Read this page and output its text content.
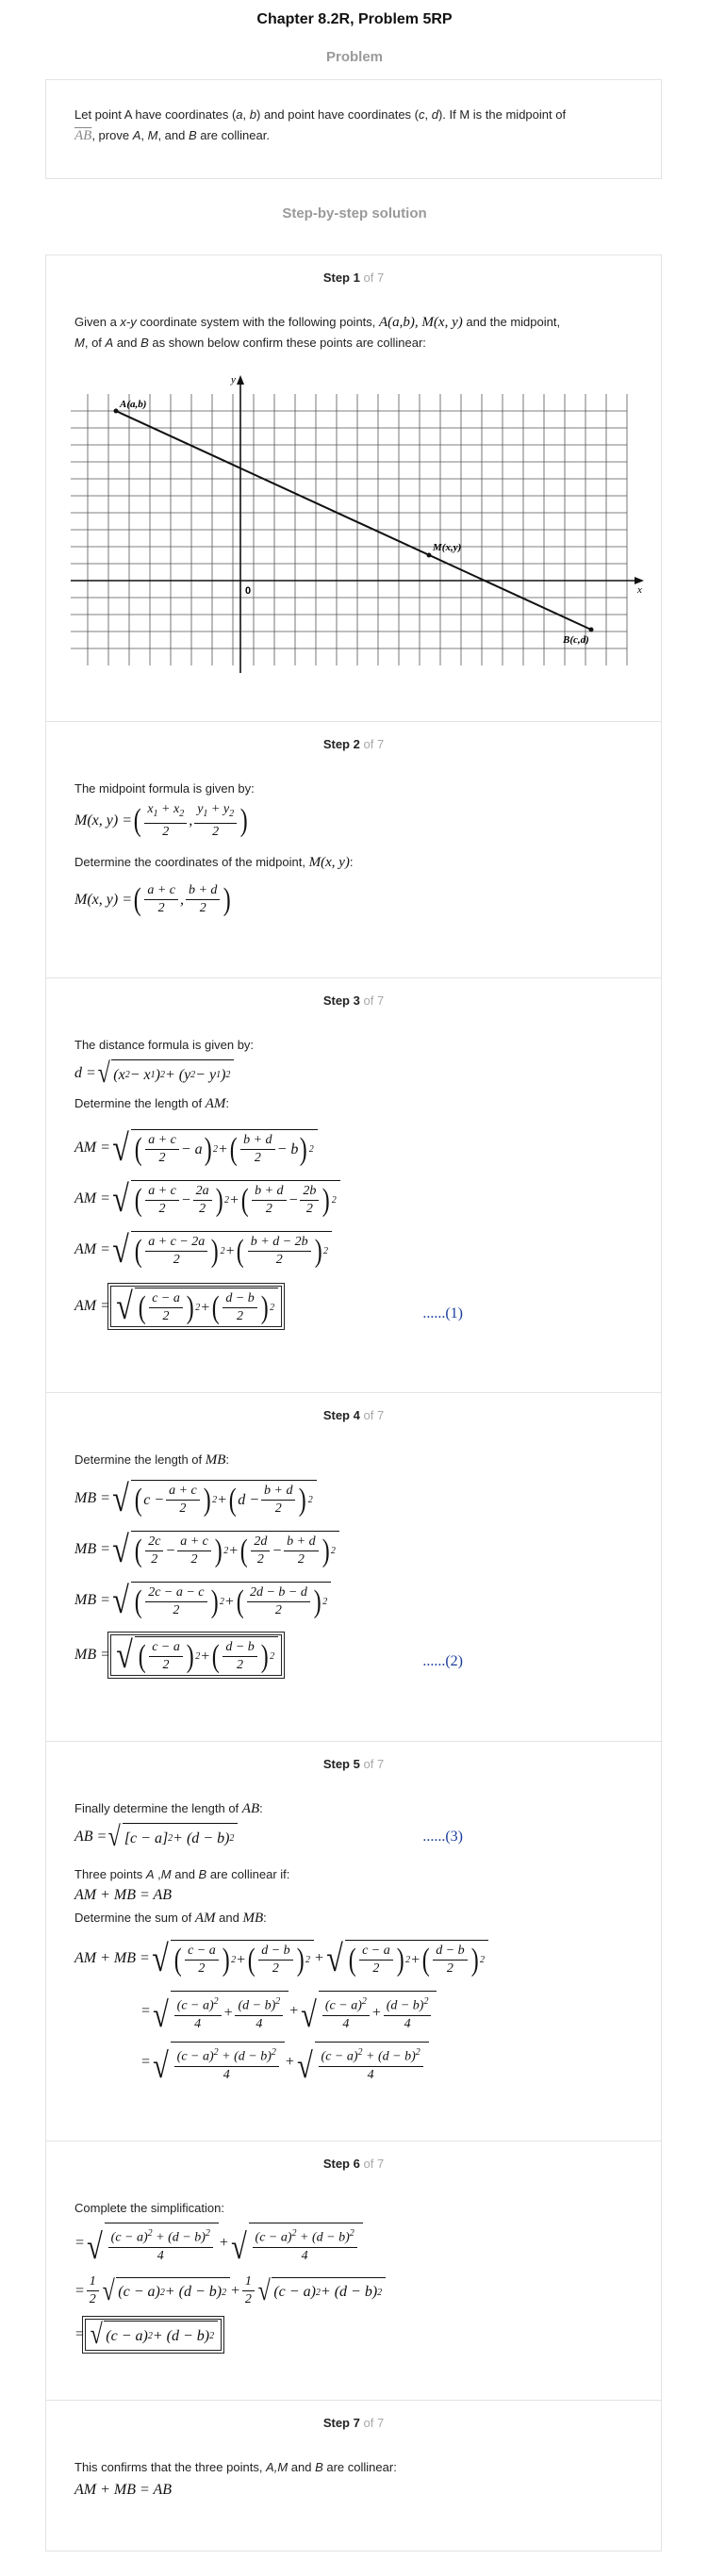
Chapter 8.2R, Problem 5RP
Problem
Let point A have coordinates (a, b) and point have coordinates (c, d). If M is the midpoint of
$\overline{AB}$, prove A, M, and B are collinear.
Step-by-step solution
Step 1 of 7
Given a x-y coordinate system with the following points, A(a,b), M(x, y) and the midpoint,
M, of A and B as shown below confirm these points are collinear:
A(a,b)
M(x,y)
B(c,d)
0	x
y
Step 2 of 7
The midpoint formula is given by:
M(x, y) = ( $\frac{x_1 + x_2}{2}$ , $\frac{y_1 + y_2}{2}$ )
Determine the coordinates of the midpoint, M(x, y):
M(x, y) = ( $\frac{a + c}{2}$ , $\frac{b + d}{2}$ )
Step 3 of 7
The distance formula is given by:
d = √ (x 2 − x 1 ) 2 + (y 2 − y 1 ) 2
Determine the length of AM:
AM = √ ( $\frac{a + c}{2} - a$ ) 2 + ( $\frac{b + d}{2} - b$ ) 2
AM = √ ( $\frac{a + c}{2} - \frac{2a}{2}$ ) 2 + ( $\frac{b + d}{2} - \frac{2b}{2}$ ) 2
AM = √ ( $\frac{a + c - 2a}{2}$ ) 2 + ( $\frac{b + d - 2b}{2}$ ) 2
AM = √ ( $\frac{c - a}{2}$ ) 2 + ( $\frac{d - b}{2}$ ) 2	......(1)
Step 4 of 7
Determine the length of MB:
MB = √ ( $c - \frac{a + c}{2}$ ) 2 + ( $d - \frac{b + d}{2}$ ) 2
MB = √ ( $\frac{2c}{2} - \frac{a + c}{2}$ ) 2 + ( $\frac{2d}{2} - \frac{b + d}{2}$ ) 2
MB = √ ( $\frac{2c - a - c}{2}$ ) 2 + ( $\frac{2d - b - d}{2}$ ) 2
MB = √ ( $\frac{c - a}{2}$ ) 2 + ( $\frac{d - b}{2}$ ) 2	......(2)
Step 5 of 7
Finally determine the length of AB:
AB = √ [c − a] 2 + (d − b) 2	......(3)
Three points A ,M and B are collinear if:
AM + MB = AB
Determine the sum of AM and MB:
AM + MB = √ ( $\frac{c - a}{2}$ ) 2 + ( $\frac{d - b}{2}$ ) 2 + √ ( $\frac{c - a}{2}$ ) 2 + ( $\frac{d - b}{2}$ ) 2
= √ $\frac{(c - a)^2}{4} + \frac{(d - b)^2}{4}$ + √ $\frac{(c - a)^2}{4} + \frac{(d - b)^2}{4}$
= √ $\frac{(c - a)^2 + (d - b)^2}{4}$ + √ $\frac{(c - a)^2 + (d - b)^2}{4}$
Step 6 of 7
Complete the simplification:
= √ $\frac{(c - a)^2 + (d - b)^2}{4}$ + √ $\frac{(c - a)^2 + (d - b)^2}{4}$
= $\frac{1}{2}$ √ (c − a) 2 + (d − b) $2 + \frac{1}{2}$ √ (c − a) 2 + (d − b) 2
= √ (c − a) 2 + (d − b) 2
Step 7 of 7
This confirms that the three points, A,M and B are collinear:
AM + MB = AB
